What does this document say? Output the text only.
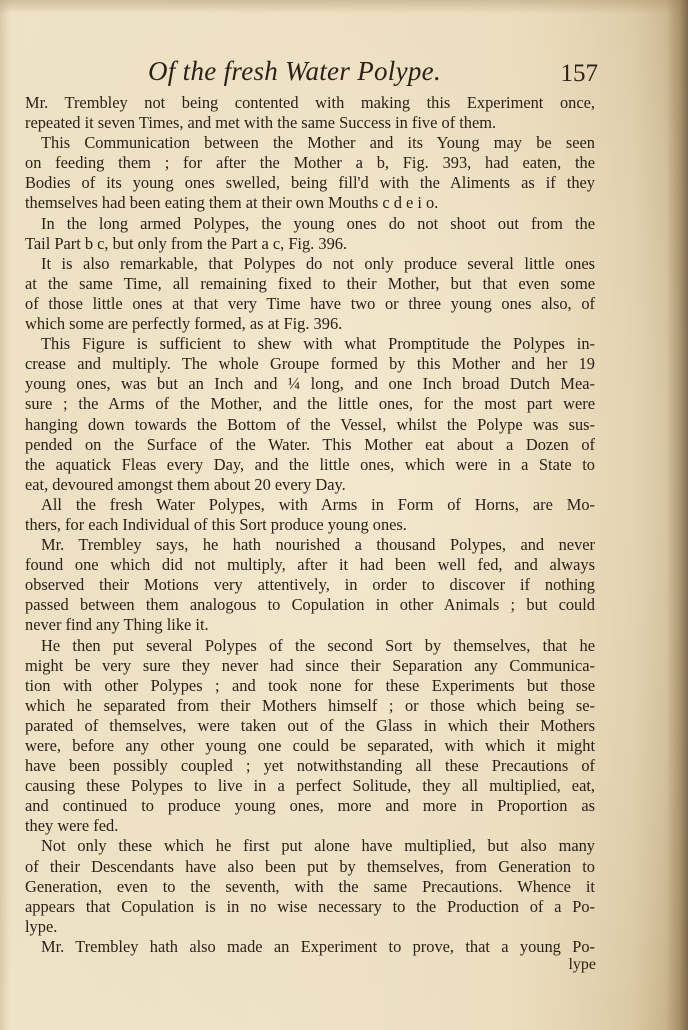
Of the fresh Water Polype.	157
Mr. Trembley not being contented with making this Experiment once,
repeated it seven Times, and met with the same Success in five of them.
This Communication between the Mother and its Young may be seen
on feeding them ; for after the Mother a b, Fig. 393, had eaten, the
Bodies of its young ones swelled, being fill'd with the Aliments as if they
themselves had been eating them at their own Mouths c d e i o.
In the long armed Polypes, the young ones do not shoot out from the
Tail Part b c, but only from the Part a c, Fig. 396.
It is also remarkable, that Polypes do not only produce several little ones
at the same Time, all remaining fixed to their Mother, but that even some
of those little ones at that very Time have two or three young ones also, of
which some are perfectly formed, as at Fig. 396.
This Figure is sufficient to shew with what Promptitude the Polypes in-
crease and multiply. The whole Groupe formed by this Mother and her 19
young ones, was but an Inch and ¼ long, and one Inch broad Dutch Mea-
sure ; the Arms of the Mother, and the little ones, for the most part were
hanging down towards the Bottom of the Vessel, whilst the Polype was sus-
pended on the Surface of the Water. This Mother eat about a Dozen of
the aquatick Fleas every Day, and the little ones, which were in a State to
eat, devoured amongst them about 20 every Day.
All the fresh Water Polypes, with Arms in Form of Horns, are Mo-
thers, for each Individual of this Sort produce young ones.
Mr. Trembley says, he hath nourished a thousand Polypes, and never
found one which did not multiply, after it had been well fed, and always
observed their Motions very attentively, in order to discover if nothing
passed between them analogous to Copulation in other Animals ; but could
never find any Thing like it.
He then put several Polypes of the second Sort by themselves, that he
might be very sure they never had since their Separation any Communica-
tion with other Polypes ; and took none for these Experiments but those
which he separated from their Mothers himself ; or those which being se-
parated of themselves, were taken out of the Glass in which their Mothers
were, before any other young one could be separated, with which it might
have been possibly coupled ; yet notwithstanding all these Precautions of
causing these Polypes to live in a perfect Solitude, they all multiplied, eat,
and continued to produce young ones, more and more in Proportion as
they were fed.
Not only these which he first put alone have multiplied, but also many
of their Descendants have also been put by themselves, from Generation to
Generation, even to the seventh, with the same Precautions. Whence it
appears that Copulation is in no wise necessary to the Production of a Po-
lype.
Mr. Trembley hath also made an Experiment to prove, that a young Po-
lype
